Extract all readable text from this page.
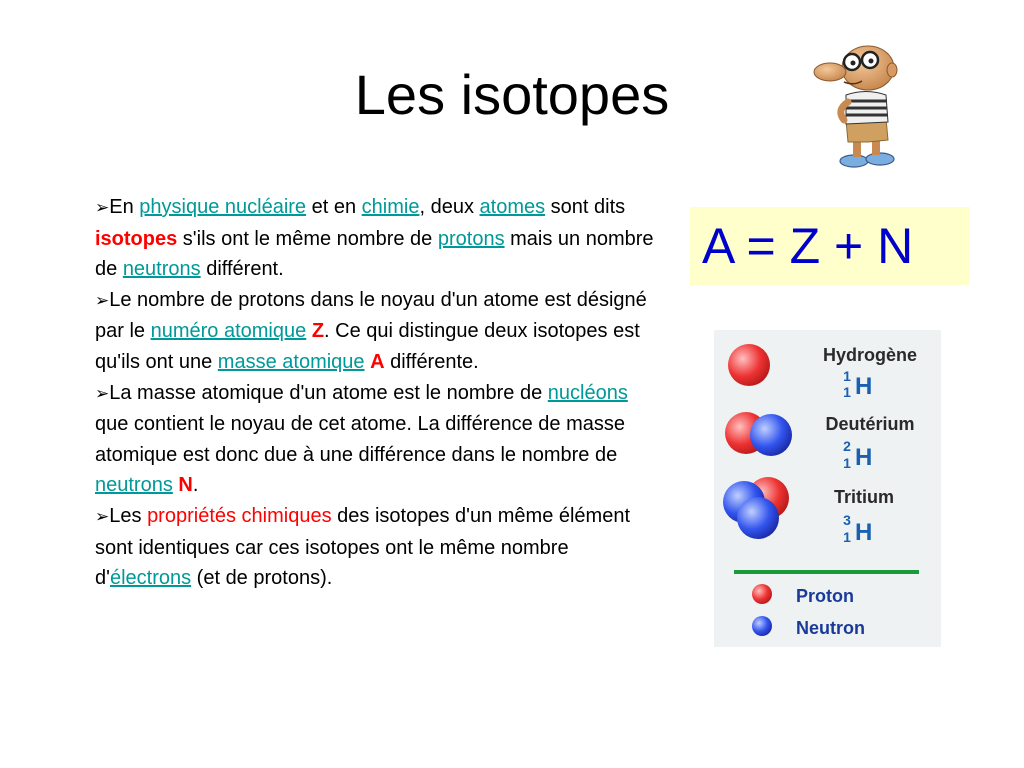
Les isotopes

➢En physique nucléaire et en chimie, deux atomes sont dits isotopes s'ils ont le même nombre de protons mais un nombre de neutrons différent.

➢Le nombre de protons dans le noyau d'un atome est désigné par le numéro atomique Z. Ce qui distingue deux isotopes est qu'ils ont une masse atomique A différente.

➢La masse atomique d'un atome est le nombre de nucléons que contient le noyau de cet atome. La différence de masse atomique est donc due à une différence dans le nombre de neutrons N.

➢Les propriétés chimiques des isotopes d'un même élément sont identiques car ces isotopes ont le même nombre d'électrons (et de protons).

A = Z + N
Hydrogène
1
1 H
Deutérium
2
1 H
Tritium
3
1 H
Proton
Neutron
